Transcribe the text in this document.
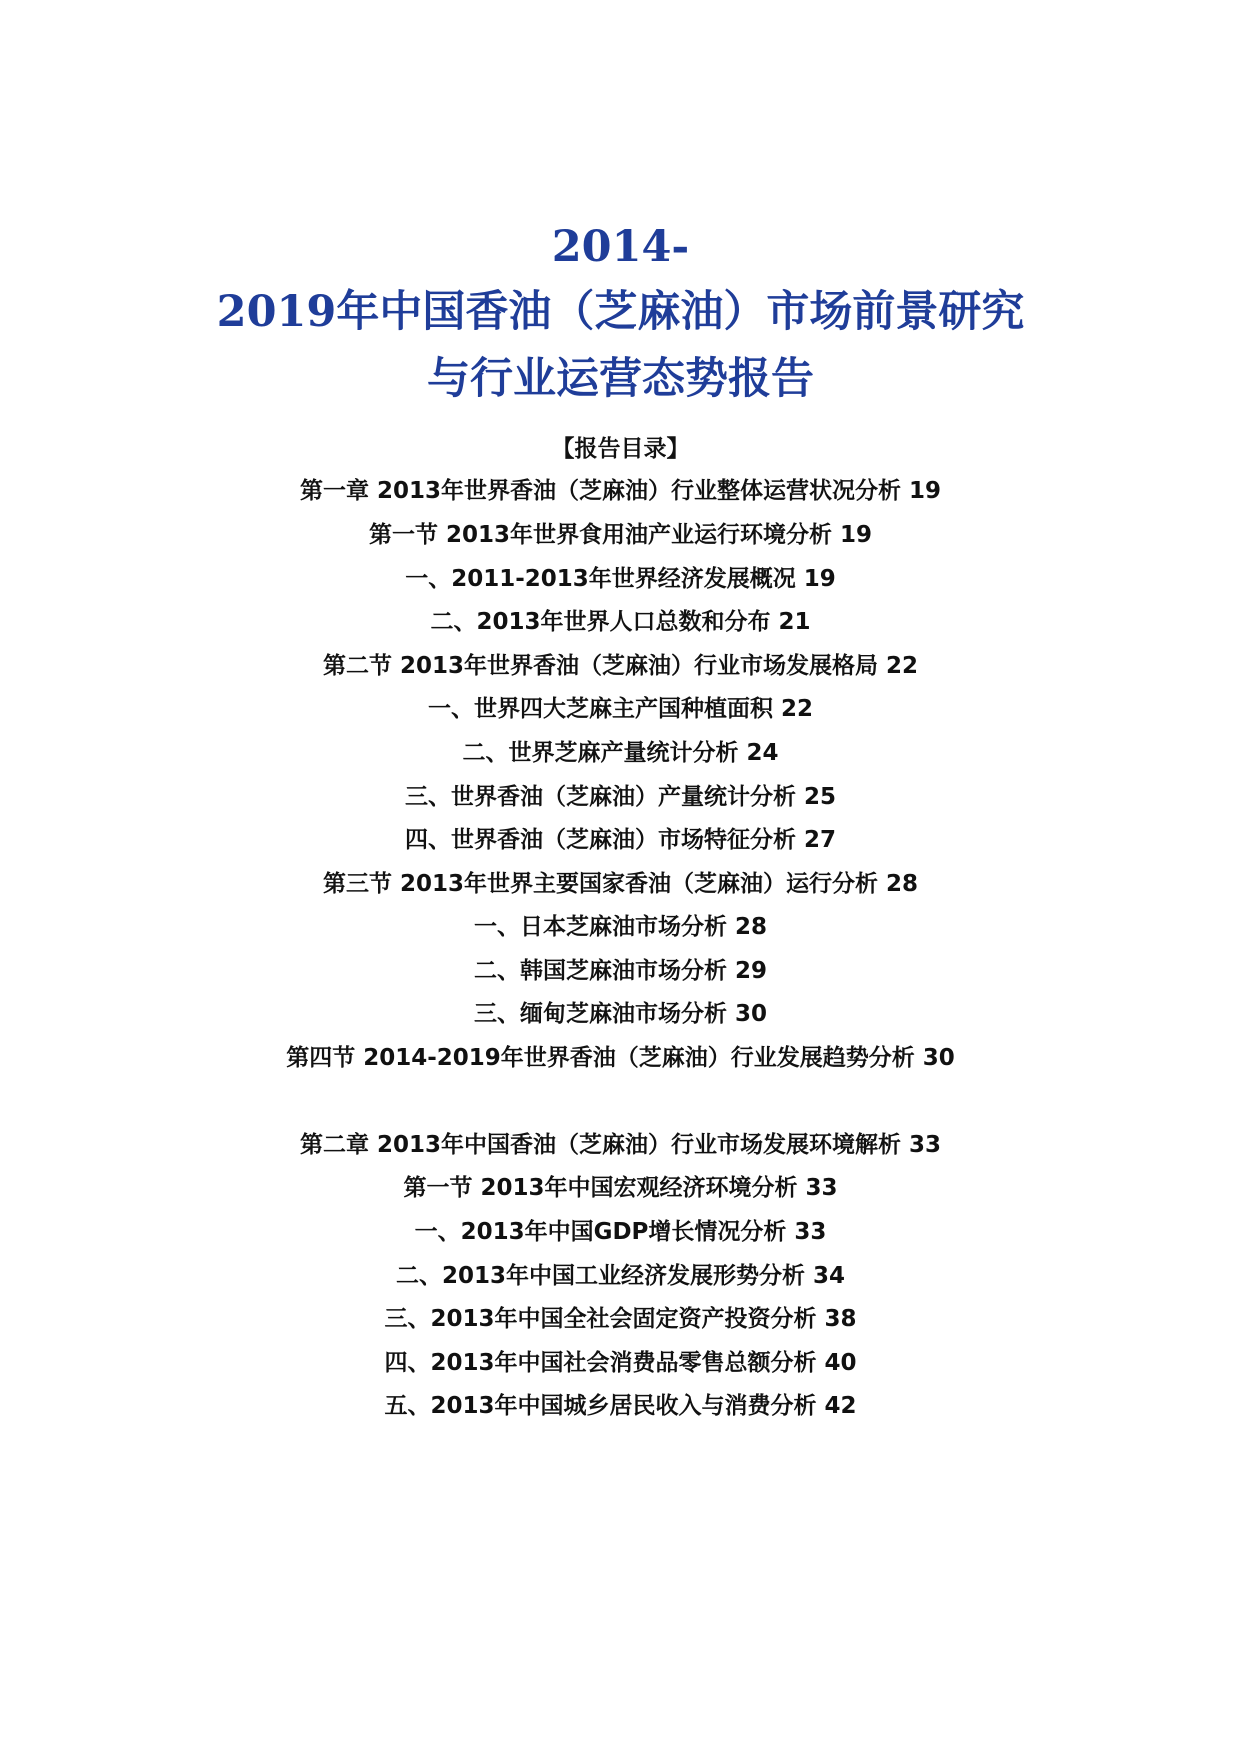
2014-
2019年中国香油（芝麻油）市场前景研究
与行业运营态势报告
【报告目录】
第一章 2013年世界香油（芝麻油）行业整体运营状况分析 19
第一节 2013年世界食用油产业运行环境分析 19
一、2011-2013年世界经济发展概况 19
二、2013年世界人口总数和分布 21
第二节 2013年世界香油（芝麻油）行业市场发展格局 22
一、世界四大芝麻主产国种植面积 22
二、世界芝麻产量统计分析 24
三、世界香油（芝麻油）产量统计分析 25
四、世界香油（芝麻油）市场特征分析 27
第三节 2013年世界主要国家香油（芝麻油）运行分析 28
一、日本芝麻油市场分析 28
二、韩国芝麻油市场分析 29
三、缅甸芝麻油市场分析 30
第四节 2014-2019年世界香油（芝麻油）行业发展趋势分析 30
第二章 2013年中国香油（芝麻油）行业市场发展环境解析 33
第一节 2013年中国宏观经济环境分析 33
一、2013年中国GDP增长情况分析 33
二、2013年中国工业经济发展形势分析 34
三、2013年中国全社会固定资产投资分析 38
四、2013年中国社会消费品零售总额分析 40
五、2013年中国城乡居民收入与消费分析 42
